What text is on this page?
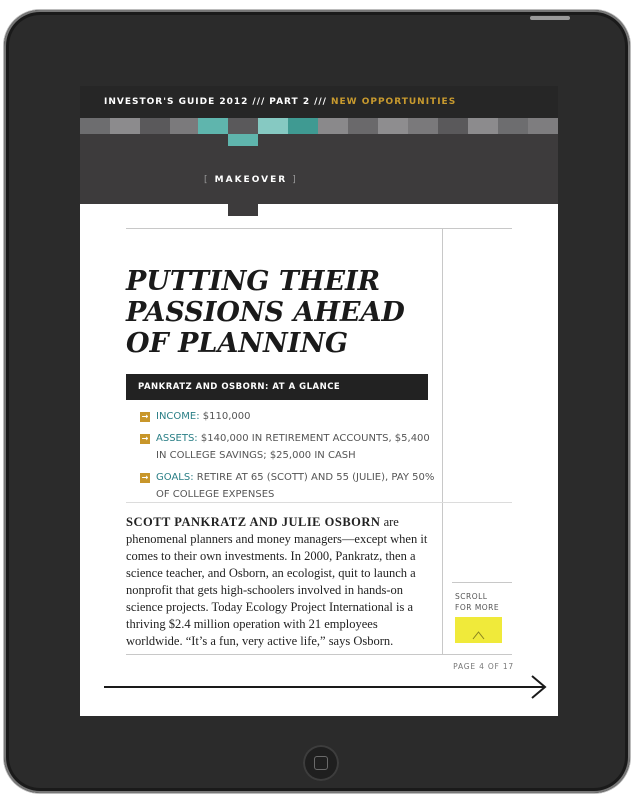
INVESTOR'S GUIDE 2012 /// PART 2 /// NEW OPPORTUNITIES
[ MAKEOVER ]
PUTTING THEIR
PASSIONS AHEAD
OF PLANNING
PANKRATZ AND OSBORN: AT A GLANCE
→ INCOME: $110,000
→ ASSETS: $140,000 IN RETIREMENT ACCOUNTS, $5,400 IN COLLEGE SAVINGS; $25,000 IN CASH
→ GOALS: RETIRE AT 65 (SCOTT) AND 55 (JULIE), PAY 50% OF COLLEGE EXPENSES

SCOTT PANKRATZ AND JULIE OSBORN are phenomenal planners and money managers—except when it comes to their own investments. In 2000, Pankratz, then a science teacher, and Osborn, an ecologist, quit to launch a nonprofit that gets high-schoolers involved in hands-on science projects. Today Ecology Project International is a thriving $2.4 million operation with 21 employees worldwide. “It’s a fun, very active life,” says Osborn.

SCROLL
FOR MORE
PAGE 4 OF 17
